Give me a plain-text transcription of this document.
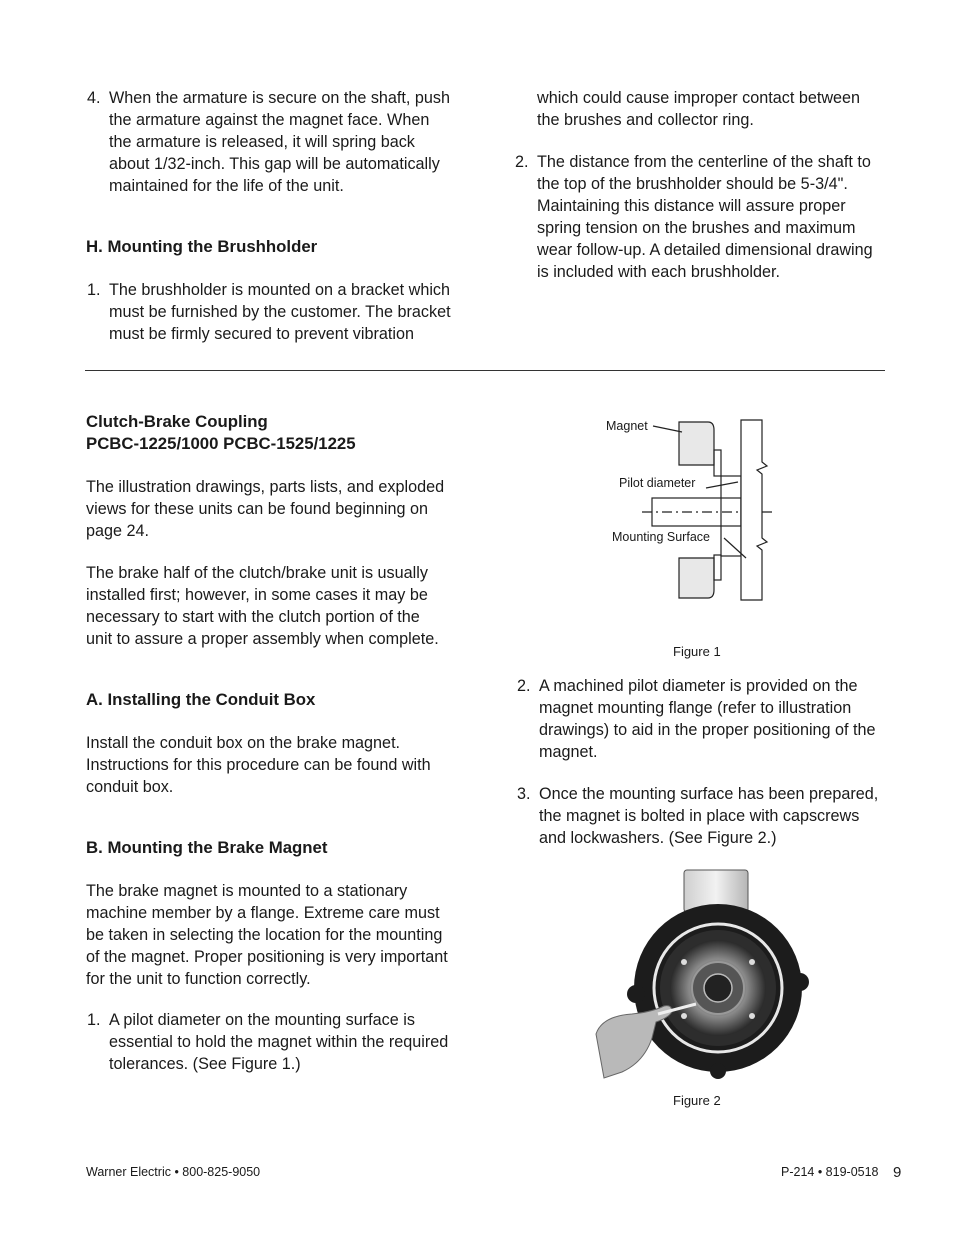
4. When the armature is secure on the shaft, push
the armature against the magnet face. When
the armature is released, it will spring back
about 1/32-inch. This gap will be automatically
maintained for the life of the unit.
H. Mounting the Brushholder
1. The brushholder is mounted on a bracket which
must be furnished by the customer. The bracket
must be firmly secured to prevent vibration
which could cause improper contact between
the brushes and collector ring.
2. The distance from the centerline of the shaft to
the top of the brushholder should be 5-3/4".
Maintaining this distance will assure proper
spring tension on the brushes and maximum
wear follow-up. A detailed dimensional drawing
is included with each brushholder.
Clutch-Brake Coupling
PCBC-1225/1000 PCBC-1525/1225
The illustration drawings, parts lists, and exploded
views for these units can be found beginning on
page 24.
The brake half of the clutch/brake unit is usually
installed first; however, in some cases it may be
necessary to start with the clutch portion of the
unit to assure a proper assembly when complete.
A. Installing the Conduit Box
Install the conduit box on the brake magnet.
Instructions for this procedure can be found with
conduit box.
B. Mounting the Brake Magnet
The brake magnet is mounted to a stationary
machine member by a flange. Extreme care must
be taken in selecting the location for the mounting
of the magnet. Proper positioning is very important
for the unit to function correctly.
1. A pilot diameter on the mounting surface is
essential to hold the magnet within the required
tolerances. (See Figure 1.)
Magnet
Pilot diameter
Mounting Surface
Figure 1
2. A machined pilot diameter is provided on the
magnet mounting flange (refer to illustration
drawings) to aid in the proper positioning of the
magnet.
3. Once the mounting surface has been prepared,
the magnet is bolted in place with capscrews
and lockwashers. (See Figure 2.)
Figure 2
Warner Electric • 800-825-9050	P-214 • 819-0518 9
